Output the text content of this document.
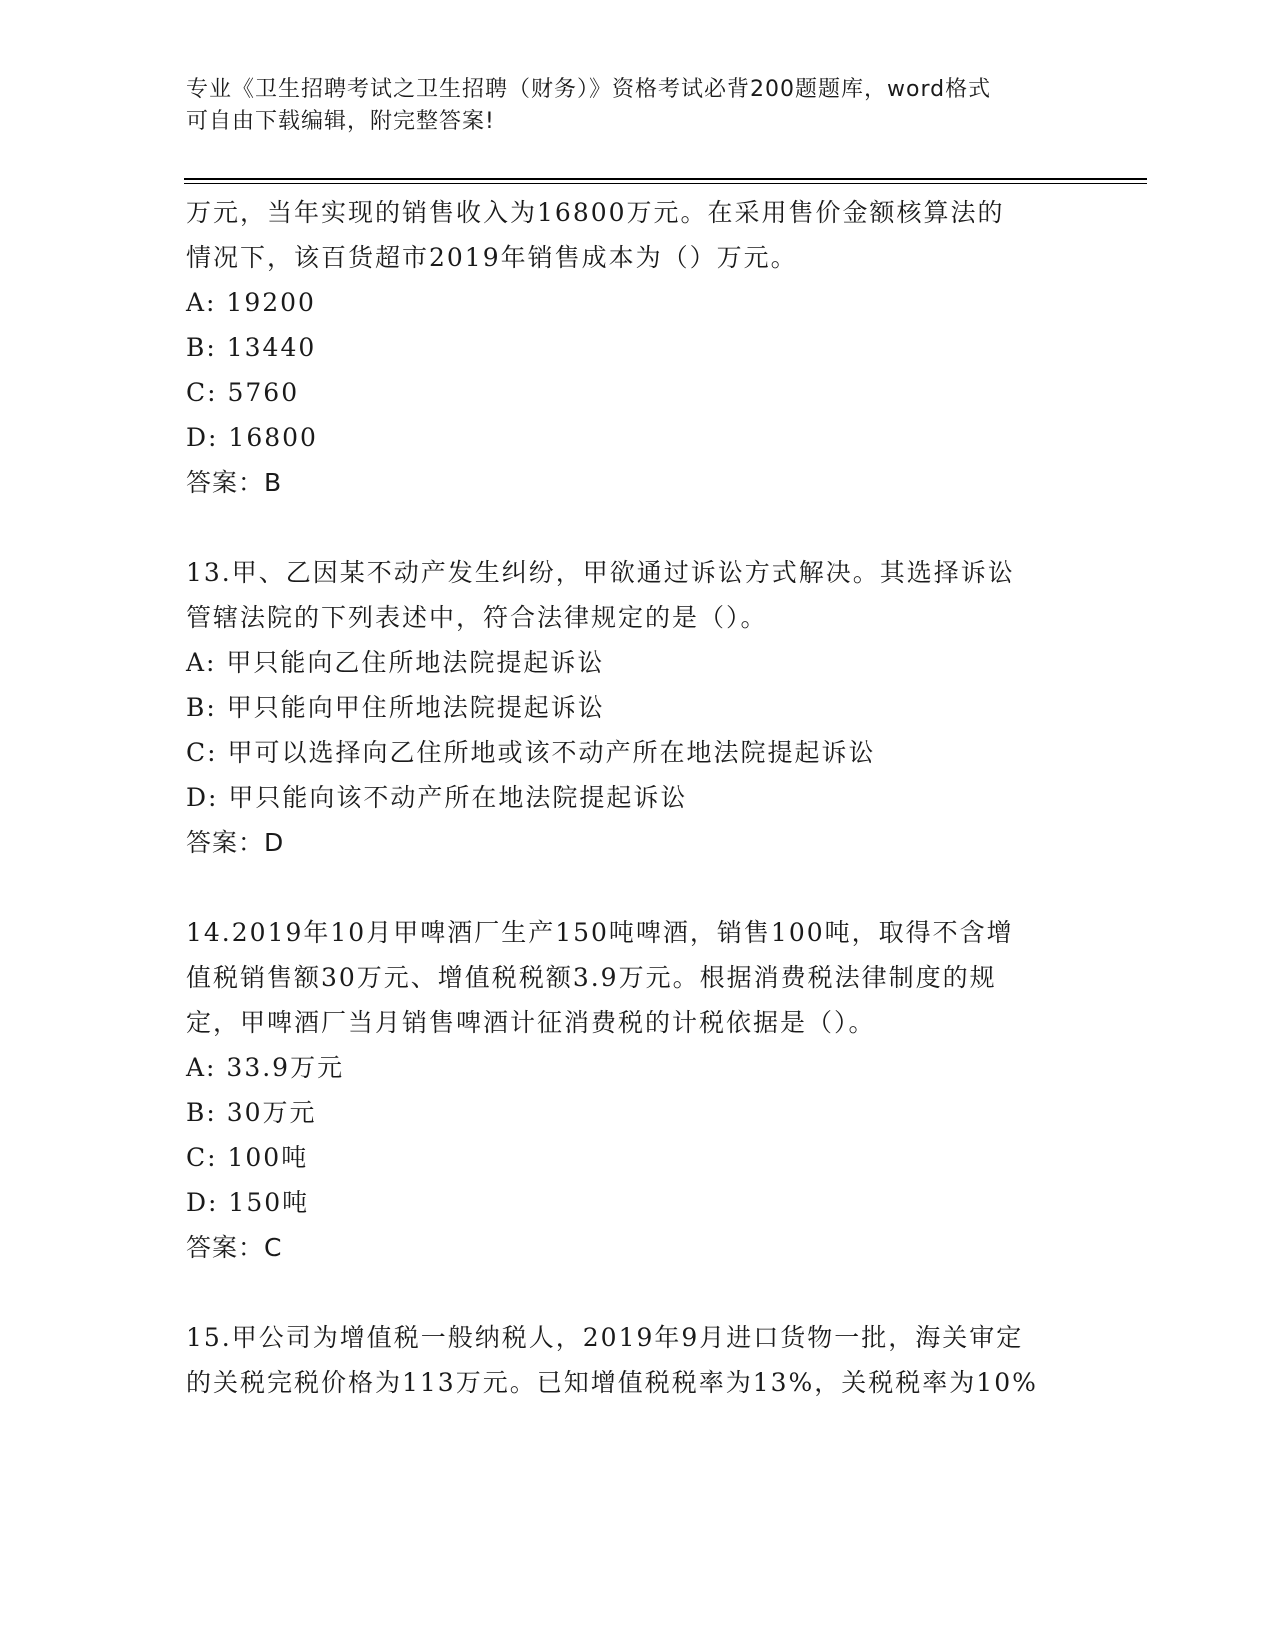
专业《卫生招聘考试之卫生招聘（财务）》资格考试必背200题题库，word格式
可自由下载编辑，附完整答案!
万元，当年实现的销售收入为16800万元。在采用售价金额核算法的
情况下，该百货超市2019年销售成本为（）万元。
A: 19200
B: 13440
C: 5760
D: 16800
答案：B
13.甲、乙因某不动产发生纠纷，甲欲通过诉讼方式解决。其选择诉讼
管辖法院的下列表述中，符合法律规定的是（）。
A: 甲只能向乙住所地法院提起诉讼
B: 甲只能向甲住所地法院提起诉讼
C: 甲可以选择向乙住所地或该不动产所在地法院提起诉讼
D: 甲只能向该不动产所在地法院提起诉讼
答案：D
14.2019年10月甲啤酒厂生产150吨啤酒，销售100吨，取得不含增
值税销售额30万元、增值税税额3.9万元。根据消费税法律制度的规
定，甲啤酒厂当月销售啤酒计征消费税的计税依据是（）。
A: 33.9万元
B: 30万元
C: 100吨
D: 150吨
答案：C
15.甲公司为增值税一般纳税人，2019年9月进口货物一批，海关审定
的关税完税价格为113万元。已知增值税税率为13%，关税税率为10%
